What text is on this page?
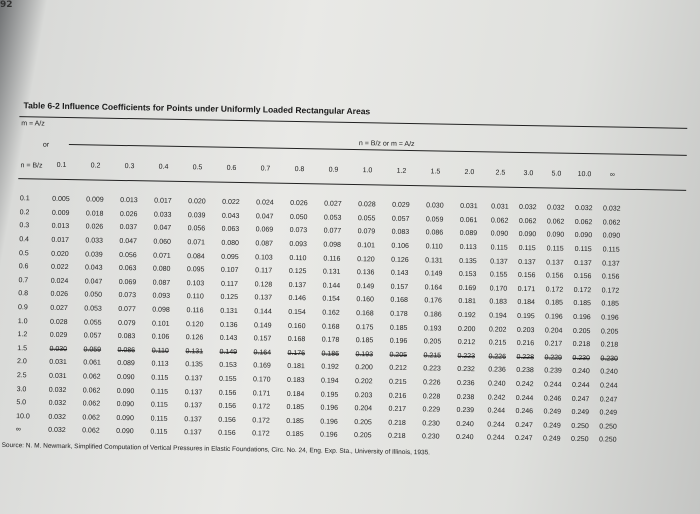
92
Table 6-2 Influence Coefficients for Points under Uniformly Loaded Rectangular Areas
m = A/z
n = B/z or m = A/z
or
n = B/z
	0.1	0.2	0.3	0.4	0.5	0.6	0.7	0.8	0.9	1.0	1.2	1.5	2.0	2.5	3.0	5.0	10.0	∞
0.1	0.005	0.009	0.013	0.017	0.020	0.022	0.024	0.026	0.027	0.028	0.029	0.030	0.031	0.031	0.032	0.032	0.032	0.032
0.2	0.009	0.018	0.026	0.033	0.039	0.043	0.047	0.050	0.053	0.055	0.057	0.059	0.061	0.062	0.062	0.062	0.062	0.062
0.3	0.013	0.026	0.037	0.047	0.056	0.063	0.069	0.073	0.077	0.079	0.083	0.086	0.089	0.090	0.090	0.090	0.090	0.090
0.4	0.017	0.033	0.047	0.060	0.071	0.080	0.087	0.093	0.098	0.101	0.106	0.110	0.113	0.115	0.115	0.115	0.115	0.115
0.5	0.020	0.039	0.056	0.071	0.084	0.095	0.103	0.110	0.116	0.120	0.126	0.131	0.135	0.137	0.137	0.137	0.137	0.137
0.6	0.022	0.043	0.063	0.080	0.095	0.107	0.117	0.125	0.131	0.136	0.143	0.149	0.153	0.155	0.156	0.156	0.156	0.156
0.7	0.024	0.047	0.069	0.087	0.103	0.117	0.128	0.137	0.144	0.149	0.157	0.164	0.169	0.170	0.171	0.172	0.172	0.172
0.8	0.026	0.050	0.073	0.093	0.110	0.125	0.137	0.146	0.154	0.160	0.168	0.176	0.181	0.183	0.184	0.185	0.185	0.185
0.9	0.027	0.053	0.077	0.098	0.116	0.131	0.144	0.154	0.162	0.168	0.178	0.186	0.192	0.194	0.195	0.196	0.196	0.196
1.0	0.028	0.055	0.079	0.101	0.120	0.136	0.149	0.160	0.168	0.175	0.185	0.193	0.200	0.202	0.203	0.204	0.205	0.205
1.2	0.029	0.057	0.083	0.106	0.126	0.143	0.157	0.168	0.178	0.185	0.196	0.205	0.212	0.215	0.216	0.217	0.218	0.218
1.5	0.030	0.059	0.086	0.110	0.131	0.149	0.164	0.176	0.186	0.193	0.205	0.215	0.223	0.226	0.228	0.229	0.230	0.230
2.0	0.031	0.061	0.089	0.113	0.135	0.153	0.169	0.181	0.192	0.200	0.212	0.223	0.232	0.236	0.238	0.239	0.240	0.240
2.5	0.031	0.062	0.090	0.115	0.137	0.155	0.170	0.183	0.194	0.202	0.215	0.226	0.236	0.240	0.242	0.244	0.244	0.244
3.0	0.032	0.062	0.090	0.115	0.137	0.156	0.171	0.184	0.195	0.203	0.216	0.228	0.238	0.242	0.244	0.246	0.247	0.247
5.0	0.032	0.062	0.090	0.115	0.137	0.156	0.172	0.185	0.196	0.204	0.217	0.229	0.239	0.244	0.246	0.249	0.249	0.249
10.0	0.032	0.062	0.090	0.115	0.137	0.156	0.172	0.185	0.196	0.205	0.218	0.230	0.240	0.244	0.247	0.249	0.250	0.250
∞	0.032	0.062	0.090	0.115	0.137	0.156	0.172	0.185	0.196	0.205	0.218	0.230	0.240	0.244	0.247	0.249	0.250	0.250
Source: N. M. Newmark, Simplified Computation of Vertical Pressures in Elastic Foundations, Circ. No. 24, Eng. Exp. Sta., University of Illinois, 1935.
